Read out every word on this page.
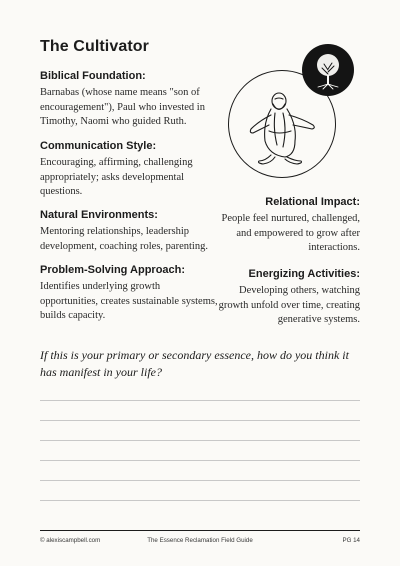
The Cultivator

Biblical Foundation:

Barnabas (whose name means "son of encouragement"), Paul who invested in Timothy, Naomi who guided Ruth.

Communication Style:

Encouraging, affirming, challenging appropriately; asks developmental questions.

Natural Environments:

Mentoring relationships, leadership development, coaching roles, parenting.

Problem-Solving Approach:

Identifies underlying growth opportunities, creates sustainable systems, builds capacity.

Relational Impact:

People feel nurtured, challenged, and empowered to grow after interactions.

Energizing Activities:

Developing others, watching growth unfold over time, creating generative systems.

If this is your primary or secondary essence, how do you think it has manifest in your life?
© alexiscampbell.com	The Essence Reclamation Field Guide	PG 14
